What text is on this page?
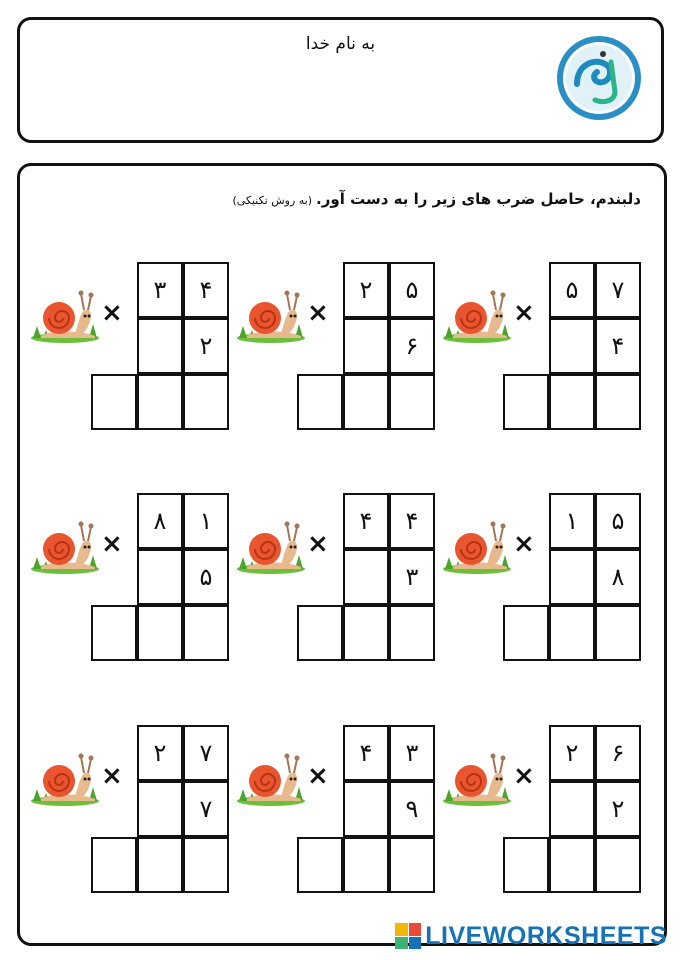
به نام خدا
دلبندم، حاصل ضرب های زیر را به دست آور.(به روش تکنیکی)
۵	۷
۴
×
۲	۵
۶
×
۳	۴
۲
×
۱	۵
۸
×
۴	۴
۳
×
۸	۱
۵
×
۲	۶
۲
×
۴	۳
۹
×
۲	۷
۷
×
LIVEWORKSHEETS
